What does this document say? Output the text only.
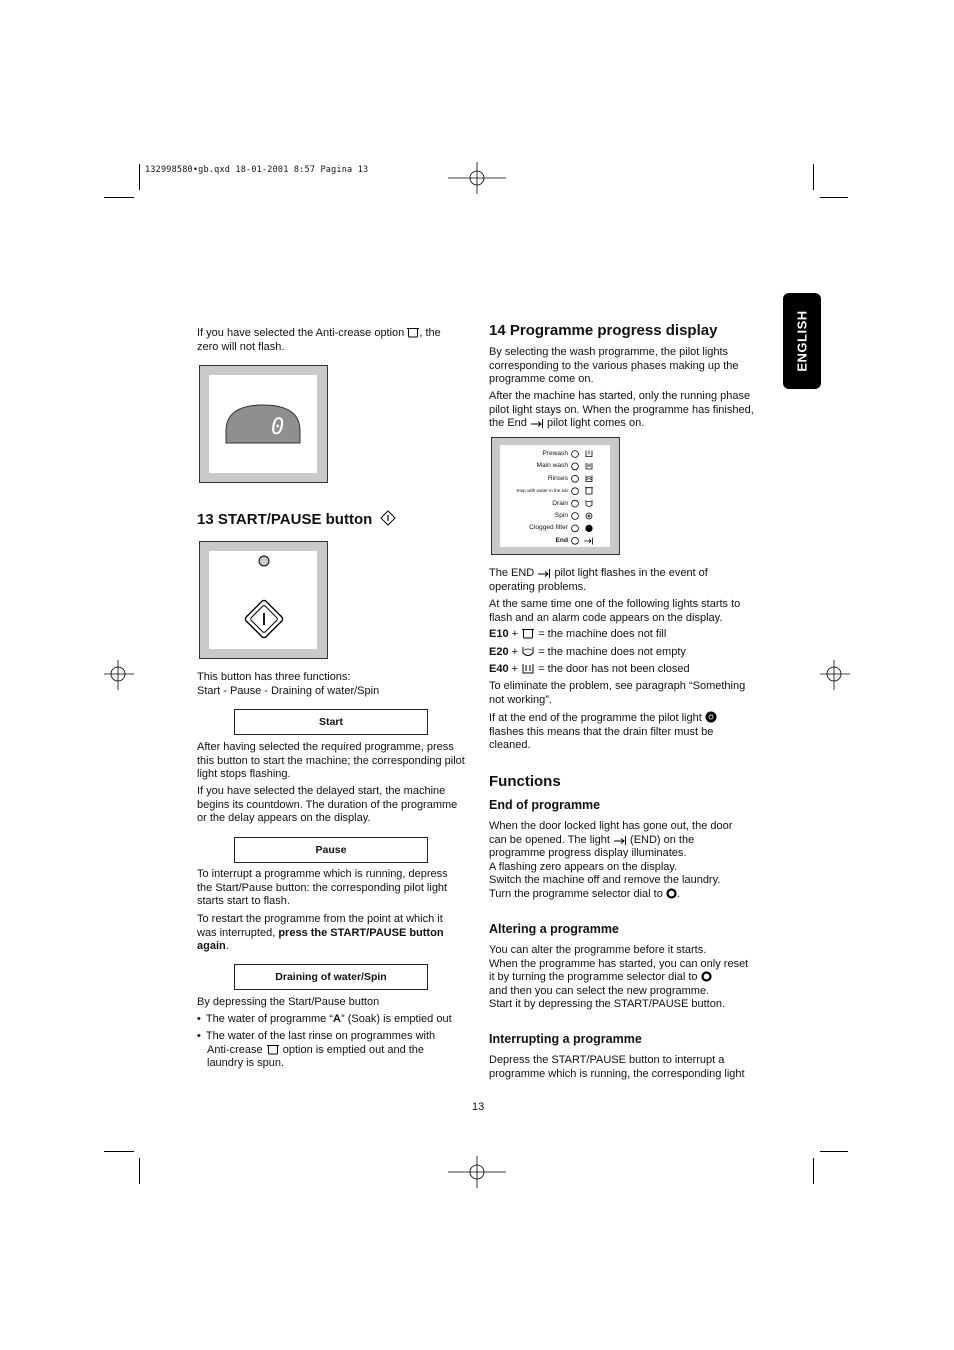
132998580•gb.qxd 18-01-2001 8:57 Pagina 13
ENGLISH

If you have selected the Anti-crease option , the
zero will not flash.

0
13 START/PAUSE button

This button has three functions:
Start - Pause - Draining of water/Spin

Start

After having selected the required programme, press this button to start the machine; the corresponding pilot light stops flashing.

If you have selected the delayed start, the machine begins its countdown. The duration of the programme or the delay appears on the display.

Pause

To interrupt a programme which is running, depress the Start/Pause button: the corresponding pilot light starts start to flash.

To restart the programme from the point at which it was interrupted, press the START/PAUSE button again.

Draining of water/Spin

By depressing the Start/Pause button

• The water of programme “A” (Soak) is emptied out
• The water of the last rinse on programmes with
Anti-crease option is emptied out and the
laundry is spun.
14 Programme progress display

By selecting the wash programme, the pilot lights corresponding to the various phases making up the programme come on.

After the machine has started, only the running phase pilot light stays on. When the programme has finished, the End pilot light comes on.

Prewash
Main wash
Rinses
Stop with water in the tub
Drain
Spin
Clogged filter
End

The END pilot light flashes in the event of operating problems.

At the same time one of the following lights starts to flash and an alarm code appears on the display.

E10 + = the machine does not fill
E20 + = the machine does not empty
E40 + = the door has not been closed

To eliminate the problem, see paragraph “Something not working”.

If at the end of the programme the pilot light
flashes this means that the drain filter must be cleaned.

Functions
End of programme

When the door locked light has gone out, the door can be opened. The light (END) on the programme progress display illuminates.
A flashing zero appears on the display.
Switch the machine off and remove the laundry.
Turn the programme selector dial to .

Altering a programme

You can alter the programme before it starts.
When the programme has started, you can only reset it by turning the programme selector dial to
and then you can select the new programme.
Start it by depressing the START/PAUSE button.

Interrupting a programme

Depress the START/PAUSE button to interrupt a programme which is running, the corresponding light

13
